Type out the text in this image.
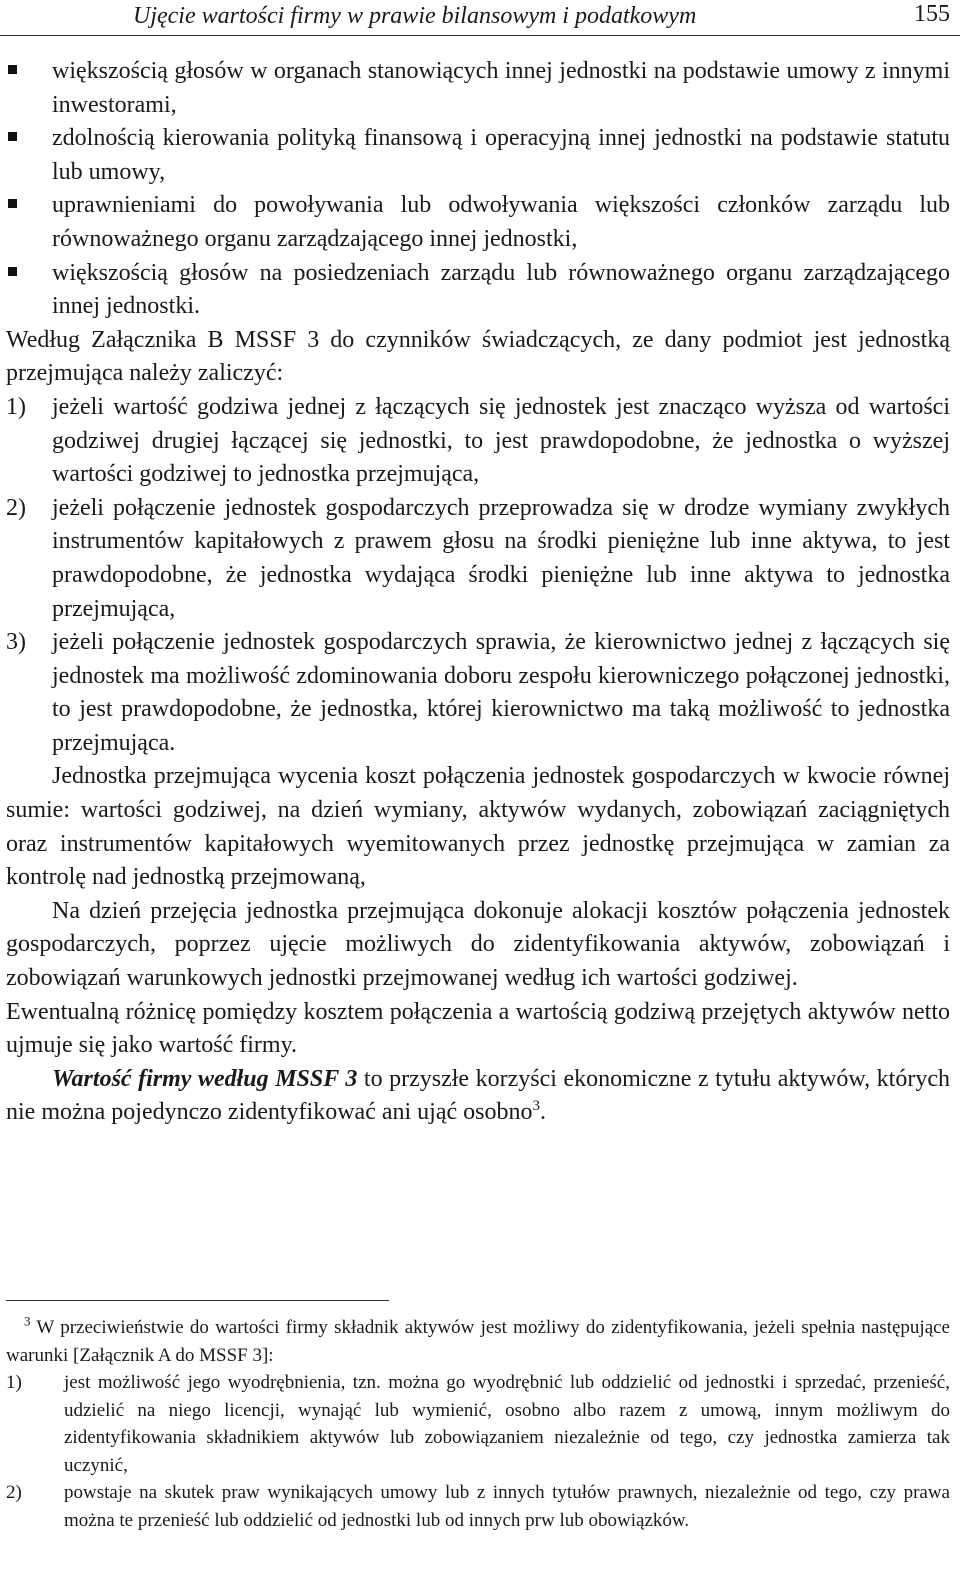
Ujęcie wartości firmy w prawie bilansowym i podatkowym	155
większością głosów w organach stanowiących innej jednostki na podstawie umowy z innymi inwestorami,
zdolnością kierowania polityką finansową i operacyjną innej jednostki na podstawie statutu lub umowy,
uprawnieniami do powoływania lub odwoływania większości członków zarządu lub równoważnego organu zarządzającego innej jednostki,
większością głosów na posiedzeniach zarządu lub równoważnego organu zarządzającego innej jednostki.

Według Załącznika B MSSF 3 do czynników świadczących, ze dany podmiot jest jednostką przejmująca należy zaliczyć:

1) jeżeli wartość godziwa jednej z łączących się jednostek jest znacząco wyższa od wartości godziwej drugiej łączącej się jednostki, to jest prawdopodobne, że jednostka o wyższej wartości godziwej to jednostka przejmująca,
2) jeżeli połączenie jednostek gospodarczych przeprowadza się w drodze wymiany zwykłych instrumentów kapitałowych z prawem głosu na środki pieniężne lub inne aktywa, to jest prawdopodobne, że jednostka wydająca środki pieniężne lub inne aktywa to jednostka przejmująca,
3) jeżeli połączenie jednostek gospodarczych sprawia, że kierownictwo jednej z łączących się jednostek ma możliwość zdominowania doboru zespołu kierowniczego połączonej jednostki, to jest prawdopodobne, że jednostka, której kierownictwo ma taką możliwość to jednostka przejmująca.

Jednostka przejmująca wycenia koszt połączenia jednostek gospodarczych w kwocie równej sumie: wartości godziwej, na dzień wymiany, aktywów wydanych, zobowiązań zaciągniętych oraz instrumentów kapitałowych wyemitowanych przez jednostkę przejmująca w zamian za kontrolę nad jednostką przejmowaną,

Na dzień przejęcia jednostka przejmująca dokonuje alokacji kosztów połączenia jednostek gospodarczych, poprzez ujęcie możliwych do zidentyfikowania aktywów, zobowiązań i zobowiązań warunkowych jednostki przejmowanej według ich wartości godziwej.

Ewentualną różnicę pomiędzy kosztem połączenia a wartością godziwą przejętych aktywów netto ujmuje się jako wartość firmy.

Wartość firmy według MSSF 3 to przyszłe korzyści ekonomiczne z tytułu aktywów, których nie można pojedynczo zidentyfikować ani ująć osobno$^3$.

$^3$ W przeciwieństwie do wartości firmy składnik aktywów jest możliwy do zidentyfikowania, jeżeli spełnia następujące warunki [Załącznik A do MSSF 3]:

1) jest możliwość jego wyodrębnienia, tzn. można go wyodrębnić lub oddzielić od jednostki i sprzedać, przenieść, udzielić na niego licencji, wynająć lub wymienić, osobno albo razem z umową, innym możliwym do zidentyfikowania składnikiem aktywów lub zobowiązaniem niezależnie od tego, czy jednostka zamierza tak uczynić,
2) powstaje na skutek praw wynikających umowy lub z innych tytułów prawnych, niezależnie od tego, czy prawa można te przenieść lub oddzielić od jednostki lub od innych prw lub obowiązków.
